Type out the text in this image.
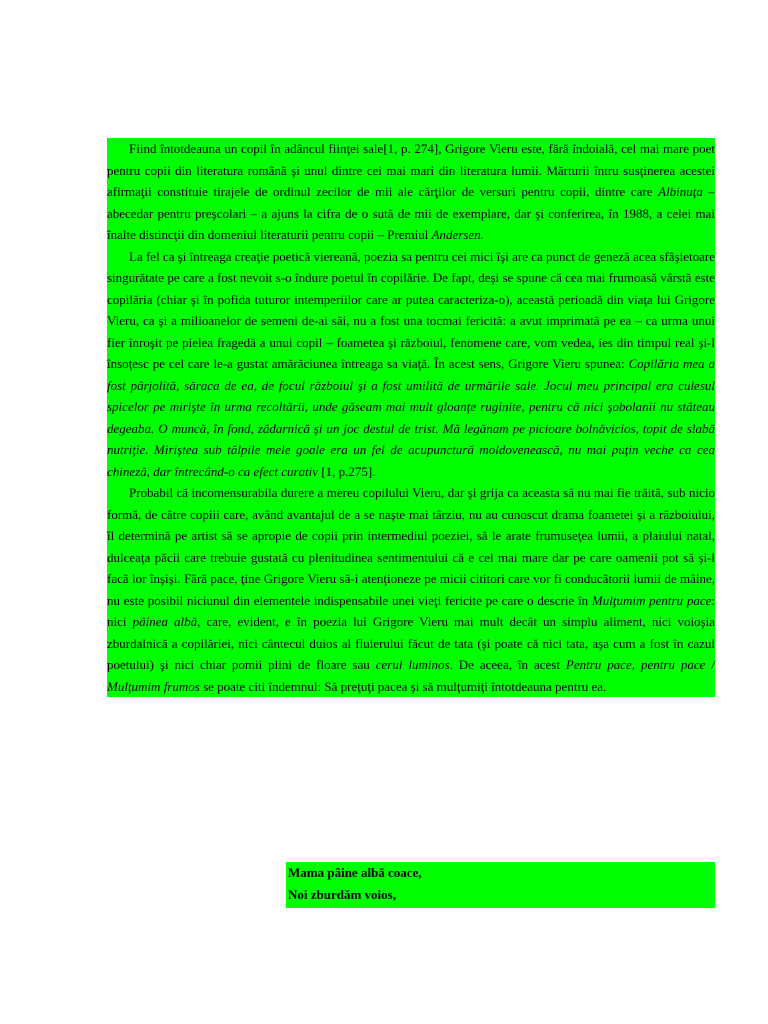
Fiind întotdeauna un copil în adâncul fiinţei sale[1, p. 274], Grigore Vieru este, fără îndoială, cel mai mare poet pentru copii din literatura română şi unul dintre cei mai mari din literatura lumii. Mărturii întru susţinerea acestei afirmaţii constituie tirajele de ordinul zecilor de mii ale cărţilor de versuri pentru copii, dintre care Albinuţa – abecedar pentru preşcolari – a ajuns la cifra de o sută de mii de exemplare, dar şi conferirea, în 1988, a celei mai înalte distincţii din domeniul literaturii pentru copii – Premiul Andersen.

La fel ca şi întreaga creaţie poetică viereană, poezia sa pentru cei mici îşi are ca punct de geneză acea sfâşietoare singurătate pe care a fost nevoit s-o îndure poetul în copilărie. De fapt, deşi se spune că cea mai frumoasă vârstă este copilăria (chiar şi în pofida tuturor intemperiilor care ar putea caracteriza-o), această perioadă din viaţa lui Grigore Vieru, ca şi a milioanelor de semeni de-ai săi, nu a fost una tocmai fericită: a avut imprimată pe ea – ca urma unui fier înroşit pe pielea fragedă a unui copil – foametea şi războiul, fenomene care, vom vedea, ies din timpul real şi-l însoţesc pe cel care le-a gustat amărăciunea întreaga sa viaţă. În acest sens, Grigore Vieru spunea: Copilăria mea a fost pârjolită, săraca de ea, de focul războiul şi a fost umilită de urmările sale. Jocul meu principal era culesul spicelor pe miriştе în urma recoltării, unde găseam mai mult gloanţe ruginite, pentru că nici şobolanii nu stăteau degeaba. O muncă, în fond, zădarnică şi un joc destul de trist. Mă legănam pe picioare bolnăvicios, topit de slabă nutriţie. Miriştea sub tălpile mele goale era un fel de acupunctură moldovenească, nu mai puţin veche ca cea chineză, dar întrecând-o ca efect curativ [1, p.275].

Probabil că incomensurabila durere a mereu copilului Vieru, dar şi grija ca aceasta să nu mai fie trăită, sub nicio formă, de către copiii care, având avantajul de a se naşte mai târziu, nu au cunoscut drama foametei şi a războiului, îl determină pe artist să se apropie de copii prin intermediul poeziei, să le arate frumuseţea lumii, a plaiului natal, dulceaţa păcii care trebuie gustată cu plenitudinea sentimentului că e cel mai mare dar pe care oamenii pot să şi-l facă lor înşişi. Fără pace, ţine Grigore Vieru să-i atenţioneze pe micii cititori care vor fi conducătorii lumii de mâine, nu este posibil niciunul din elementele indispensabile unei vieţi fericite pe care o descrie în Mulţumim pentru pace: nici pâinea albă, care, evident, e în poezia lui Grigore Vieru mai mult decât un simplu aliment, nici voioşia zburdalnică a copilăriei, nici cântecul duios al fluierului făcut de tata (şi poate că nici tata, aşa cum a fost în cazul poetului) şi nici chiar pomii plini de floare sau cerul luminos. De aceea, în acest Pentru pace, pentru pace / Mulţumim frumos se poate citi îndemnul: Să preţuţi pacea şi să mulţumiţi întotdeauna pentru ea.

Mama pâine albă coace,
Noi zburdăm voios,
